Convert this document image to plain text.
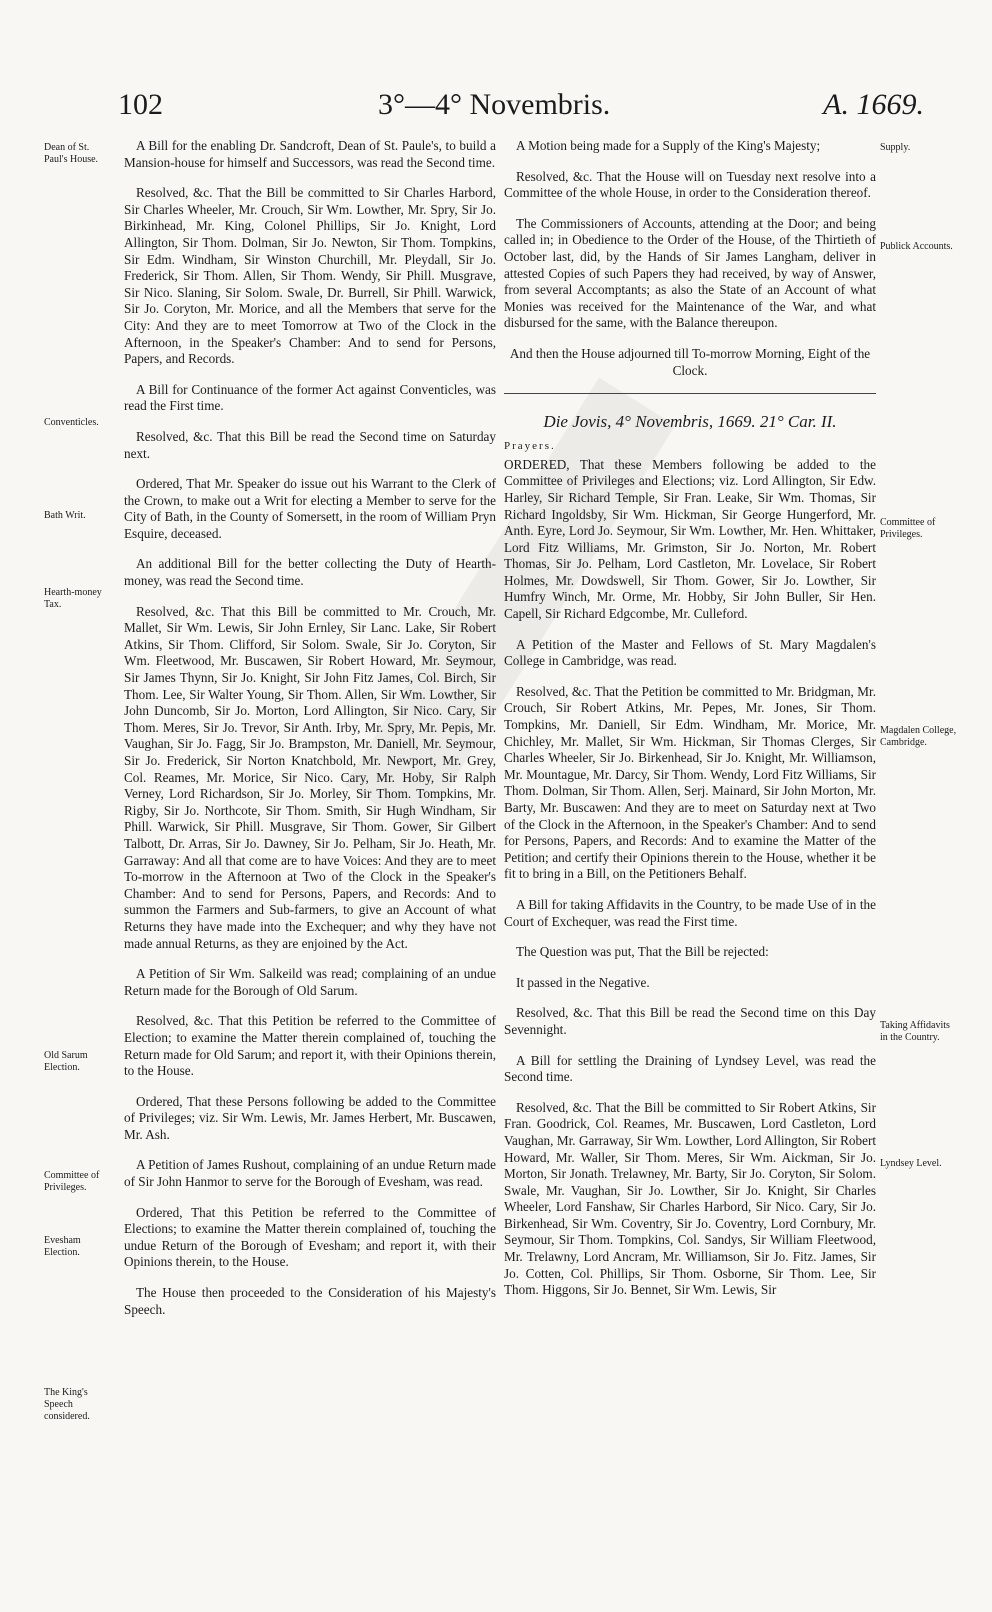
102	3°—4° Novembris.	A. 1669.
Dean of St. Paul's House.
Conventicles.
Bath Writ.
Hearth-money Tax.
Old Sarum Election.
Committee of Privileges.
Evesham Election.
The King's Speech considered.

A Bill for the enabling Dr. Sandcroft, Dean of St. Paule's, to build a Mansion-house for himself and Successors, was read the Second time.

Resolved, &c. That the Bill be committed to Sir Charles Harbord, Sir Charles Wheeler, Mr. Crouch, Sir Wm. Lowther, Mr. Spry, Sir Jo. Birkinhead, Mr. King, Colonel Phillips, Sir Jo. Knight, Lord Allington, Sir Thom. Dolman, Sir Jo. Newton, Sir Thom. Tompkins, Sir Edm. Windham, Sir Winston Churchill, Mr. Pleydall, Sir Jo. Frederick, Sir Thom. Allen, Sir Thom. Wendy, Sir Phill. Musgrave, Sir Nico. Slaning, Sir Solom. Swale, Dr. Burrell, Sir Phill. Warwick, Sir Jo. Coryton, Mr. Morice, and all the Members that serve for the City: And they are to meet Tomorrow at Two of the Clock in the Afternoon, in the Speaker's Chamber: And to send for Persons, Papers, and Records.

A Bill for Continuance of the former Act against Conventicles, was read the First time.

Resolved, &c. That this Bill be read the Second time on Saturday next.

Ordered, That Mr. Speaker do issue out his Warrant to the Clerk of the Crown, to make out a Writ for electing a Member to serve for the City of Bath, in the County of Somersett, in the room of William Pryn Esquire, deceased.

An additional Bill for the better collecting the Duty of Hearth-money, was read the Second time.

Resolved, &c. That this Bill be committed to Mr. Crouch, Mr. Mallet, Sir Wm. Lewis, Sir John Ernley, Sir Lanc. Lake, Sir Robert Atkins, Sir Thom. Clifford, Sir Solom. Swale, Sir Jo. Coryton, Sir Wm. Fleetwood, Mr. Buscawen, Sir Robert Howard, Mr. Seymour, Sir James Thynn, Sir Jo. Knight, Sir John Fitz James, Col. Birch, Sir Thom. Lee, Sir Walter Young, Sir Thom. Allen, Sir Wm. Lowther, Sir John Duncomb, Sir Jo. Morton, Lord Allington, Sir Nico. Cary, Sir Thom. Meres, Sir Jo. Trevor, Sir Anth. Irby, Mr. Spry, Mr. Pepis, Mr. Vaughan, Sir Jo. Fagg, Sir Jo. Brampston, Mr. Daniell, Mr. Seymour, Sir Jo. Frederick, Sir Norton Knatchbold, Mr. Newport, Mr. Grey, Col. Reames, Mr. Morice, Sir Nico. Cary, Mr. Hoby, Sir Ralph Verney, Lord Richardson, Sir Jo. Morley, Sir Thom. Tompkins, Mr. Rigby, Sir Jo. Northcote, Sir Thom. Smith, Sir Hugh Windham, Sir Phill. Warwick, Sir Phill. Musgrave, Sir Thom. Gower, Sir Gilbert Talbott, Dr. Arras, Sir Jo. Dawney, Sir Jo. Pelham, Sir Jo. Heath, Mr. Garraway: And all that come are to have Voices: And they are to meet To-morrow in the Afternoon at Two of the Clock in the Speaker's Chamber: And to send for Persons, Papers, and Records: And to summon the Farmers and Sub-farmers, to give an Account of what Returns they have made into the Exchequer; and why they have not made annual Returns, as they are enjoined by the Act.

A Petition of Sir Wm. Salkeild was read; complaining of an undue Return made for the Borough of Old Sarum.

Resolved, &c. That this Petition be referred to the Committee of Election; to examine the Matter therein complained of, touching the Return made for Old Sarum; and report it, with their Opinions therein, to the House.

Ordered, That these Persons following be added to the Committee of Privileges; viz. Sir Wm. Lewis, Mr. James Herbert, Mr. Buscawen, Mr. Ash.

A Petition of James Rushout, complaining of an undue Return made of Sir John Hanmor to serve for the Borough of Evesham, was read.

Ordered, That this Petition be referred to the Committee of Elections; to examine the Matter therein complained of, touching the undue Return of the Borough of Evesham; and report it, with their Opinions therein, to the House.

The House then proceeded to the Consideration of his Majesty's Speech.

Supply.
Publick Accounts.
Committee of Privileges.
Magdalen College, Cambridge.
Taking Affidavits in the Country.
Lyndsey Level.

A Motion being made for a Supply of the King's Majesty;

Resolved, &c. That the House will on Tuesday next resolve into a Committee of the whole House, in order to the Consideration thereof.

The Commissioners of Accounts, attending at the Door; and being called in; in Obedience to the Order of the House, of the Thirtieth of October last, did, by the Hands of Sir James Langham, deliver in attested Copies of such Papers they had received, by way of Answer, from several Accomptants; as also the State of an Account of what Monies was received for the Maintenance of the War, and what disbursed for the same, with the Balance thereupon.

And then the House adjourned till To-morrow Morning, Eight of the Clock.

Die Jovis, 4° Novembris, 1669. 21° Car. II.

Prayers.

ORDERED, That these Members following be added to the Committee of Privileges and Elections; viz. Lord Allington, Sir Edw. Harley, Sir Richard Temple, Sir Fran. Leake, Sir Wm. Thomas, Sir Richard Ingoldsby, Sir Wm. Hickman, Sir George Hungerford, Mr. Anth. Eyre, Lord Jo. Seymour, Sir Wm. Lowther, Mr. Hen. Whittaker, Lord Fitz Williams, Mr. Grimston, Sir Jo. Norton, Mr. Robert Thomas, Sir Jo. Pelham, Lord Castleton, Mr. Lovelace, Sir Robert Holmes, Mr. Dowdswell, Sir Thom. Gower, Sir Jo. Lowther, Sir Humfry Winch, Mr. Orme, Mr. Hobby, Sir John Buller, Sir Hen. Capell, Sir Richard Edgcombe, Mr. Culleford.

A Petition of the Master and Fellows of St. Mary Magdalen's College in Cambridge, was read.

Resolved, &c. That the Petition be committed to Mr. Bridgman, Mr. Crouch, Sir Robert Atkins, Mr. Pepes, Mr. Jones, Sir Thom. Tompkins, Mr. Daniell, Sir Edm. Windham, Mr. Morice, Mr. Chichley, Mr. Mallet, Sir Wm. Hickman, Sir Thomas Clerges, Sir Charles Wheeler, Sir Jo. Birkenhead, Sir Jo. Knight, Mr. Williamson, Mr. Mountague, Mr. Darcy, Sir Thom. Wendy, Lord Fitz Williams, Sir Thom. Dolman, Sir Thom. Allen, Serj. Mainard, Sir John Morton, Mr. Barty, Mr. Buscawen: And they are to meet on Saturday next at Two of the Clock in the Afternoon, in the Speaker's Chamber: And to send for Persons, Papers, and Records: And to examine the Matter of the Petition; and certify their Opinions therein to the House, whether it be fit to bring in a Bill, on the Petitioners Behalf.

A Bill for taking Affidavits in the Country, to be made Use of in the Court of Exchequer, was read the First time.

The Question was put, That the Bill be rejected:

It passed in the Negative.

Resolved, &c. That this Bill be read the Second time on this Day Sevennight.

A Bill for settling the Draining of Lyndsey Level, was read the Second time.

Resolved, &c. That the Bill be committed to Sir Robert Atkins, Sir Fran. Goodrick, Col. Reames, Mr. Buscawen, Lord Castleton, Lord Vaughan, Mr. Garraway, Sir Wm. Lowther, Lord Allington, Sir Robert Howard, Mr. Waller, Sir Thom. Meres, Sir Wm. Aickman, Sir Jo. Morton, Sir Jonath. Trelawney, Mr. Barty, Sir Jo. Coryton, Sir Solom. Swale, Mr. Vaughan, Sir Jo. Lowther, Sir Jo. Knight, Sir Charles Wheeler, Lord Fanshaw, Sir Charles Harbord, Sir Nico. Cary, Sir Jo. Birkenhead, Sir Wm. Coventry, Sir Jo. Coventry, Lord Cornbury, Mr. Seymour, Sir Thom. Tompkins, Col. Sandys, Sir William Fleetwood, Mr. Trelawny, Lord Ancram, Mr. Williamson, Sir Jo. Fitz. James, Sir Jo. Cotten, Col. Phillips, Sir Thom. Osborne, Sir Thom. Lee, Sir Thom. Higgons, Sir Jo. Bennet, Sir Wm. Lewis, Sir
